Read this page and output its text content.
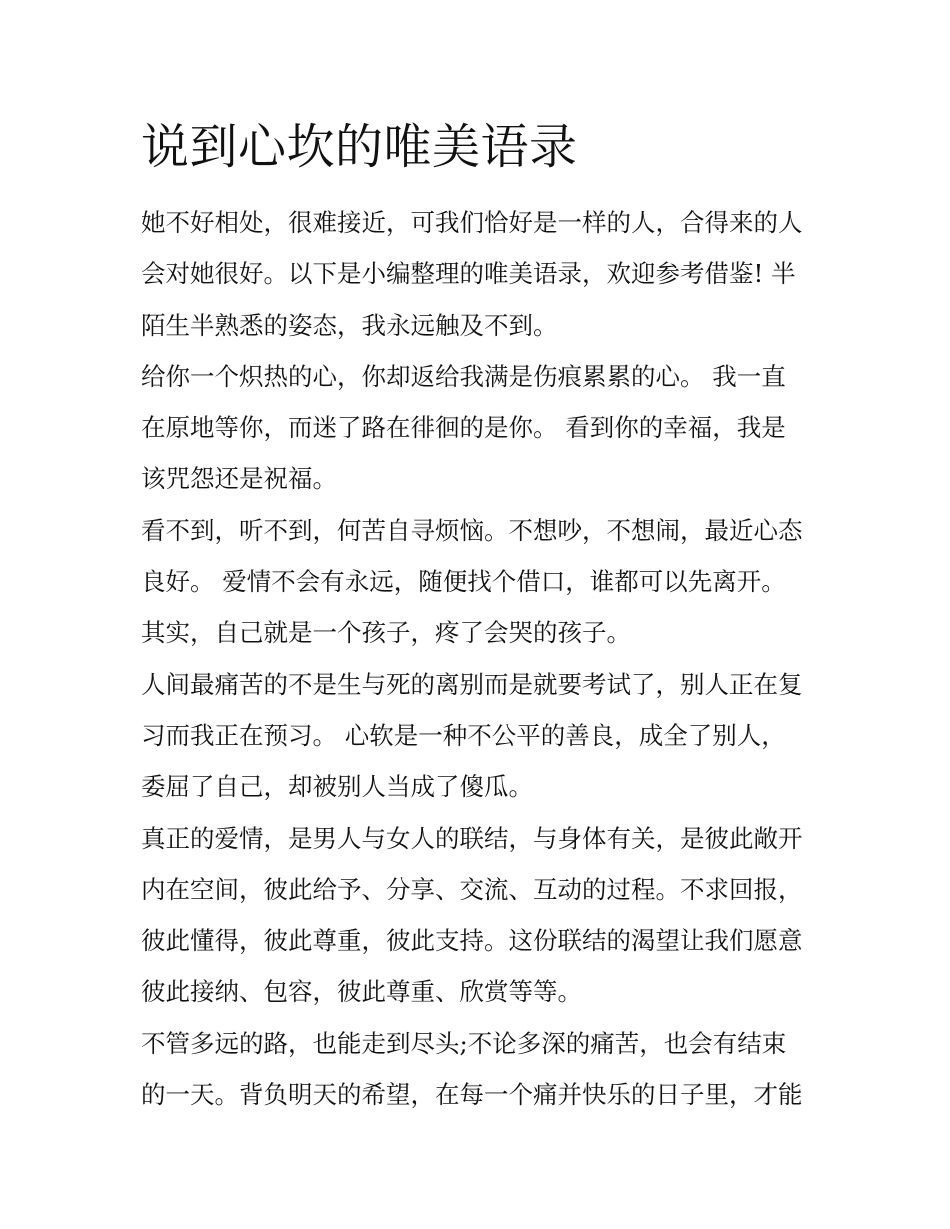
说到心坎的唯美语录
她不好相处，很难接近，可我们恰好是一样的人，合得来的人
会对她很好。以下是小编整理的唯美语录，欢迎参考借鉴! 半
陌生半熟悉的姿态，我永远触及不到。
给你一个炽热的心，你却返给我满是伤痕累累的心。 我一直
在原地等你，而迷了路在徘徊的是你。 看到你的幸福，我是
该咒怨还是祝福。
看不到，听不到，何苦自寻烦恼。不想吵，不想闹，最近心态
良好。 爱情不会有永远，随便找个借口，谁都可以先离开。
其实，自己就是一个孩子，疼了会哭的孩子。
人间最痛苦的不是生与死的离别而是就要考试了，别人正在复
习而我正在预习。 心软是一种不公平的善良，成全了别人，
委屈了自己，却被别人当成了傻瓜。
真正的爱情，是男人与女人的联结，与身体有关，是彼此敞开
内在空间，彼此给予、分享、交流、互动的过程。不求回报，
彼此懂得，彼此尊重，彼此支持。这份联结的渴望让我们愿意
彼此接纳、包容，彼此尊重、欣赏等等。
不管多远的路，也能走到尽头;不论多深的痛苦，也会有结束
的一天。背负明天的希望，在每一个痛并快乐的日子里，才能
